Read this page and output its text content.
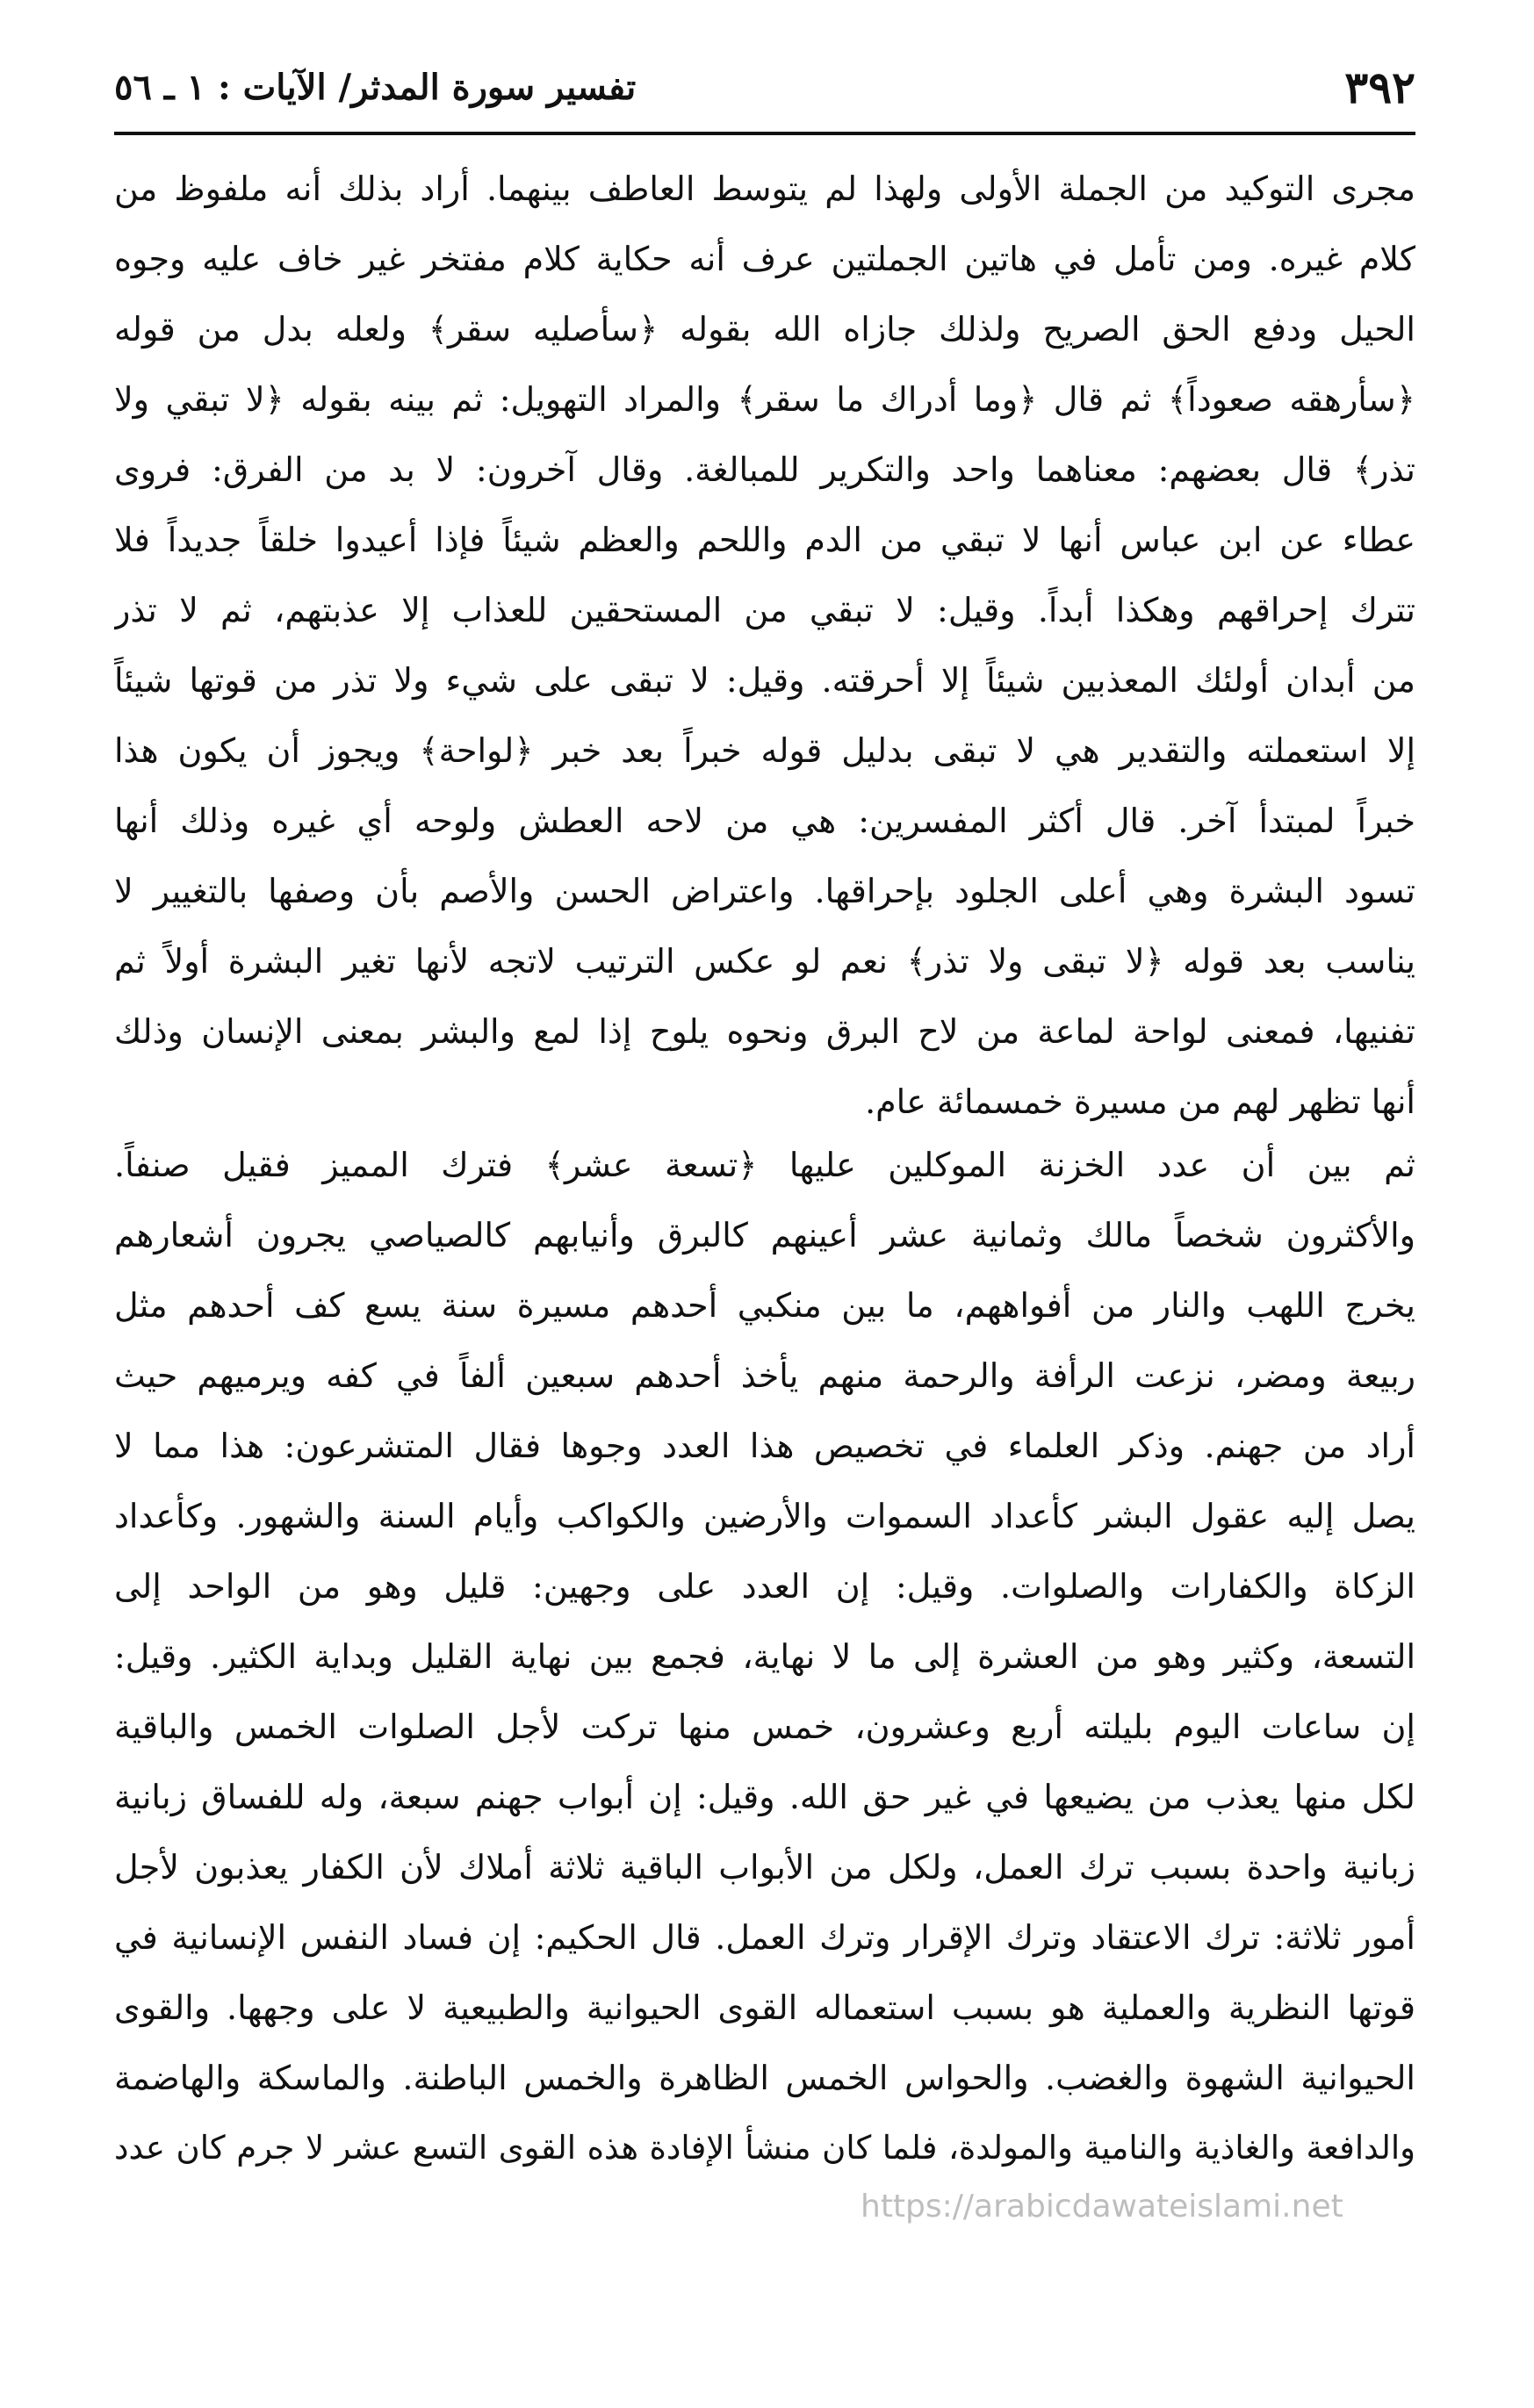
٣٩٢
تفسير سورة المدثر/ الآيات : ١ ـ ٥٦
مجرى التوكيد من الجملة الأولى ولهذا لم يتوسط العاطف بينهما. أراد بذلك أنه ملفوظ من
كلام غيره. ومن تأمل في هاتين الجملتين عرف أنه حكاية كلام مفتخر غير خاف عليه وجوه
الحيل ودفع الحق الصريح ولذلك جازاه الله بقوله ﴿سأصليه سقر﴾ ولعله بدل من قوله
﴿سأرهقه صعوداً﴾ ثم قال ﴿وما أدراك ما سقر﴾ والمراد التهويل: ثم بينه بقوله ﴿لا تبقي ولا
تذر﴾ قال بعضهم: معناهما واحد والتكرير للمبالغة. وقال آخرون: لا بد من الفرق: فروى
عطاء عن ابن عباس أنها لا تبقي من الدم واللحم والعظم شيئاً فإذا أعيدوا خلقاً جديداً فلا
تترك إحراقهم وهكذا أبداً. وقيل: لا تبقي من المستحقين للعذاب إلا عذبتهم، ثم لا تذر
من أبدان أولئك المعذبين شيئاً إلا أحرقته. وقيل: لا تبقى على شيء ولا تذر من قوتها شيئاً
إلا استعملته والتقدير هي لا تبقى بدليل قوله خبراً بعد خبر ﴿لواحة﴾ ويجوز أن يكون هذا
خبراً لمبتدأ آخر. قال أكثر المفسرين: هي من لاحه العطش ولوحه أي غيره وذلك أنها
تسود البشرة وهي أعلى الجلود بإحراقها. واعتراض الحسن والأصم بأن وصفها بالتغيير لا
يناسب بعد قوله ﴿لا تبقى ولا تذر﴾ نعم لو عكس الترتيب لاتجه لأنها تغير البشرة أولاً ثم
تفنيها، فمعنى لواحة لماعة من لاح البرق ونحوه يلوح إذا لمع والبشر بمعنى الإنسان وذلك
أنها تظهر لهم من مسيرة خمسمائة عام.
ثم بين أن عدد الخزنة الموكلين عليها ﴿تسعة عشر﴾ فترك المميز فقيل صنفاً.
والأكثرون شخصاً مالك وثمانية عشر أعينهم كالبرق وأنيابهم كالصياصي يجرون أشعارهم
يخرج اللهب والنار من أفواههم، ما بين منكبي أحدهم مسيرة سنة يسع كف أحدهم مثل
ربيعة ومضر، نزعت الرأفة والرحمة منهم يأخذ أحدهم سبعين ألفاً في كفه ويرميهم حيث
أراد من جهنم. وذكر العلماء في تخصيص هذا العدد وجوها فقال المتشرعون: هذا مما لا
يصل إليه عقول البشر كأعداد السموات والأرضين والكواكب وأيام السنة والشهور. وكأعداد
الزكاة والكفارات والصلوات. وقيل: إن العدد على وجهين: قليل وهو من الواحد إلى
التسعة، وكثير وهو من العشرة إلى ما لا نهاية، فجمع بين نهاية القليل وبداية الكثير. وقيل:
إن ساعات اليوم بليلته أربع وعشرون، خمس منها تركت لأجل الصلوات الخمس والباقية
لكل منها يعذب من يضيعها في غير حق الله. وقيل: إن أبواب جهنم سبعة، وله للفساق زبانية
زبانية واحدة بسبب ترك العمل، ولكل من الأبواب الباقية ثلاثة أملاك لأن الكفار يعذبون لأجل
أمور ثلاثة: ترك الاعتقاد وترك الإقرار وترك العمل. قال الحكيم: إن فساد النفس الإنسانية في
قوتها النظرية والعملية هو بسبب استعماله القوى الحيوانية والطبيعية لا على وجهها. والقوى
الحيوانية الشهوة والغضب. والحواس الخمس الظاهرة والخمس الباطنة. والماسكة والهاضمة
والدافعة والغاذية والنامية والمولدة، فلما كان منشأ الإفادة هذه القوى التسع عشر لا جرم كان عدد
https://arabicdawateislami.net
